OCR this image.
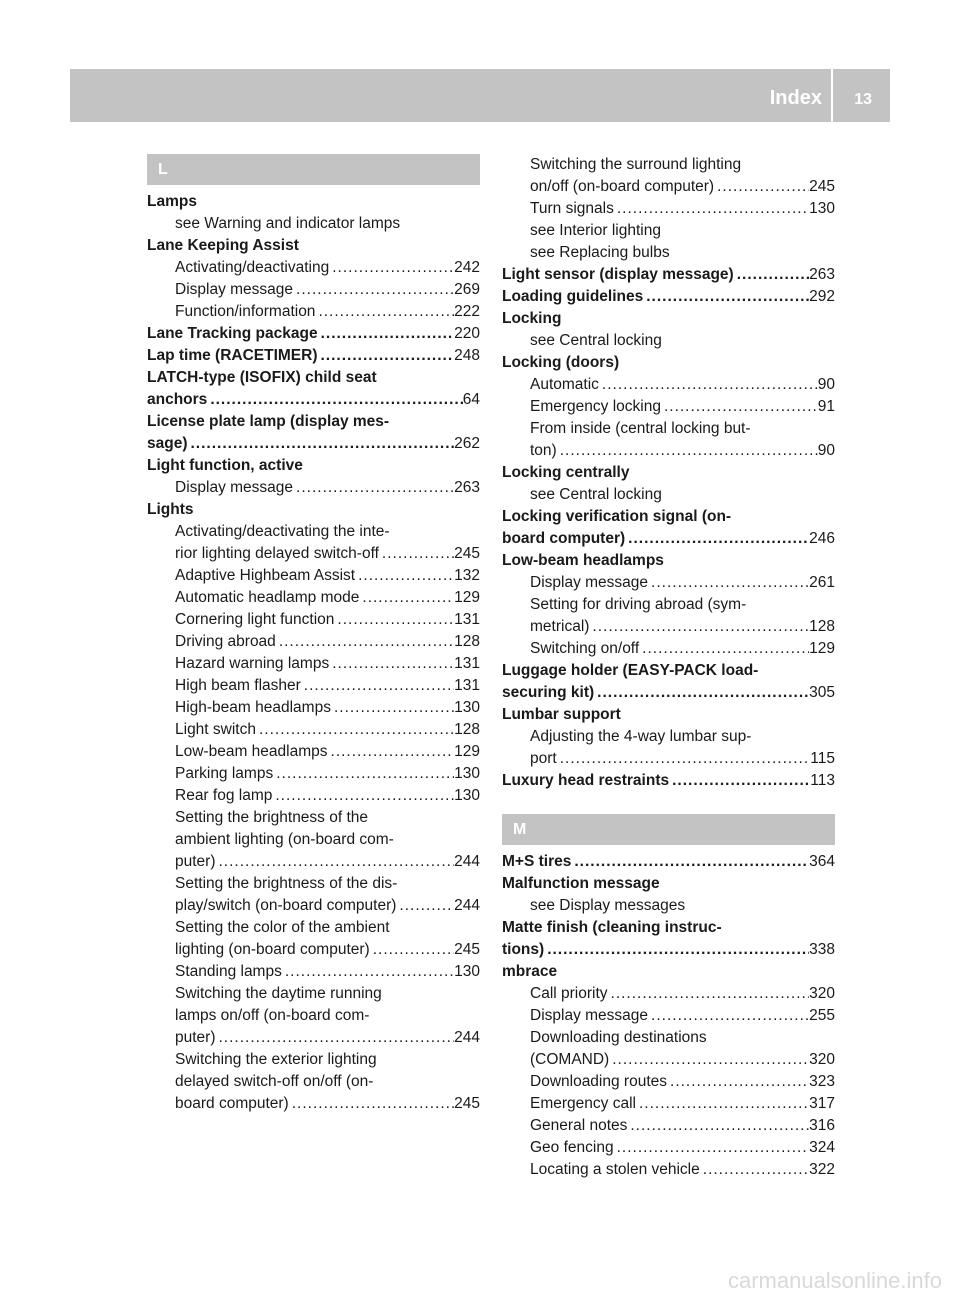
Index 13
L
Lamps
see Warning and indicator lamps
Lane Keeping Assist
Activating/deactivating .....	242
Display message .....	269
Function/information .....	222
Lane Tracking package .....	220
Lap time (RACETIMER) .....	248
LATCH-type (ISOFIX) child seat
anchors .....	64
License plate lamp (display mes-
sage) .....	262
Light function, active
Display message .....	263
Lights
Activating/deactivating the inte-
rior lighting delayed switch-off .....	245
Adaptive Highbeam Assist .....	132
Automatic headlamp mode .....	129
Cornering light function .....	131
Driving abroad .....	128
Hazard warning lamps .....	131
High beam flasher .....	131
High-beam headlamps .....	130
Light switch .....	128
Low-beam headlamps .....	129
Parking lamps .....	130
Rear fog lamp .....	130
Setting the brightness of the
ambient lighting (on-board com-
puter) .....	244
Setting the brightness of the dis-
play/switch (on-board computer) .....	244
Setting the color of the ambient
lighting (on-board computer) .....	245
Standing lamps .....	130
Switching the daytime running
lamps on/off (on-board com-
puter) .....	244
Switching the exterior lighting
delayed switch-off on/off (on-
board computer) .....	245
Switching the surround lighting
on/off (on-board computer) .....	245
Turn signals .....	130
see Interior lighting
see Replacing bulbs
Light sensor (display message) .....	263
Loading guidelines .....	292
Locking
see Central locking
Locking (doors)
Automatic .....	90
Emergency locking .....	91
From inside (central locking but-
ton) .....	90
Locking centrally
see Central locking
Locking verification signal (on-
board computer) .....	246
Low-beam headlamps
Display message .....	261
Setting for driving abroad (sym-
metrical) .....	128
Switching on/off .....	129
Luggage holder (EASY-PACK load-
securing kit) .....	305
Lumbar support
Adjusting the 4-way lumbar sup-
port .....	115
Luxury head restraints .....	113
M
M+S tires .....	364
Malfunction message
see Display messages
Matte finish (cleaning instruc-
tions) .....	338
mbrace
Call priority .....	320
Display message .....	255
Downloading destinations
(COMAND) .....	320
Downloading routes .....	323
Emergency call .....	317
General notes .....	316
Geo fencing .....	324
Locating a stolen vehicle .....	322
carmanualsonline.info
